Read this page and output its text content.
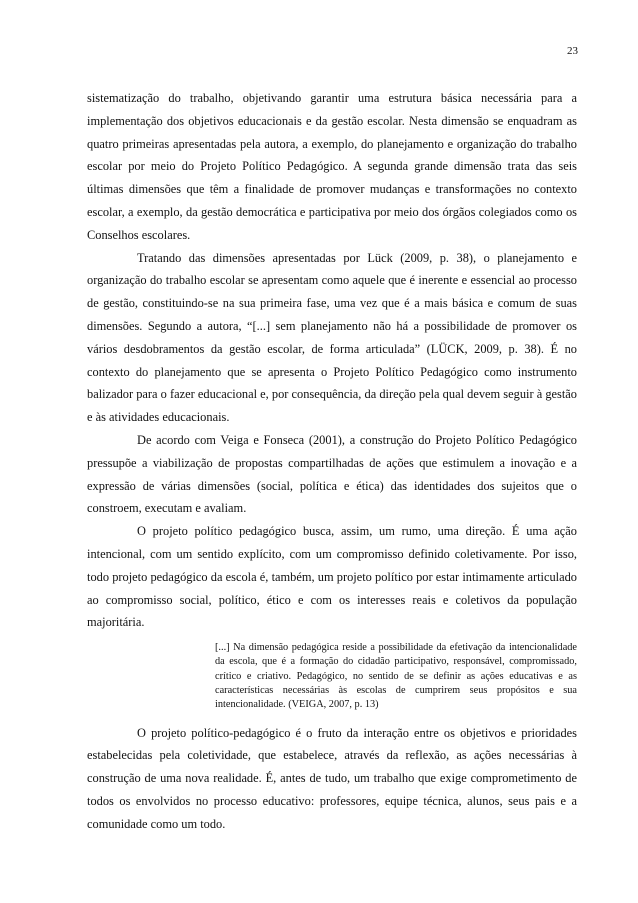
23

sistematização do trabalho, objetivando garantir uma estrutura básica necessária para a implementação dos objetivos educacionais e da gestão escolar. Nesta dimensão se enquadram as quatro primeiras apresentadas pela autora, a exemplo, do planejamento e organização do trabalho escolar por meio do Projeto Político Pedagógico. A segunda grande dimensão trata das seis últimas dimensões que têm a finalidade de promover mudanças e transformações no contexto escolar, a exemplo, da gestão democrática e participativa por meio dos órgãos colegiados como os Conselhos escolares.

Tratando das dimensões apresentadas por Lück (2009, p. 38), o planejamento e organização do trabalho escolar se apresentam como aquele que é inerente e essencial ao processo de gestão, constituindo-se na sua primeira fase, uma vez que é a mais básica e comum de suas dimensões. Segundo a autora, “[...] sem planejamento não há a possibilidade de promover os vários desdobramentos da gestão escolar, de forma articulada” (LÜCK, 2009, p. 38). É no contexto do planejamento que se apresenta o Projeto Político Pedagógico como instrumento balizador para o fazer educacional e, por consequência, da direção pela qual devem seguir à gestão e às atividades educacionais.

De acordo com Veiga e Fonseca (2001), a construção do Projeto Político Pedagógico pressupõe a viabilização de propostas compartilhadas de ações que estimulem a inovação e a expressão de várias dimensões (social, política e ética) das identidades dos sujeitos que o constroem, executam e avaliam.

O projeto político pedagógico busca, assim, um rumo, uma direção. É uma ação intencional, com um sentido explícito, com um compromisso definido coletivamente. Por isso, todo projeto pedagógico da escola é, também, um projeto político por estar intimamente articulado ao compromisso social, político, ético e com os interesses reais e coletivos da população majoritária.

[...] Na dimensão pedagógica reside a possibilidade da efetivação da intencionalidade da escola, que é a formação do cidadão participativo, responsável, compromissado, crítico e criativo. Pedagógico, no sentido de se definir as ações educativas e as características necessárias às escolas de cumprirem seus propósitos e sua intencionalidade. (VEIGA, 2007, p. 13)

O projeto político-pedagógico é o fruto da interação entre os objetivos e prioridades estabelecidas pela coletividade, que estabelece, através da reflexão, as ações necessárias à construção de uma nova realidade. É, antes de tudo, um trabalho que exige comprometimento de todos os envolvidos no processo educativo: professores, equipe técnica, alunos, seus pais e a comunidade como um todo.
